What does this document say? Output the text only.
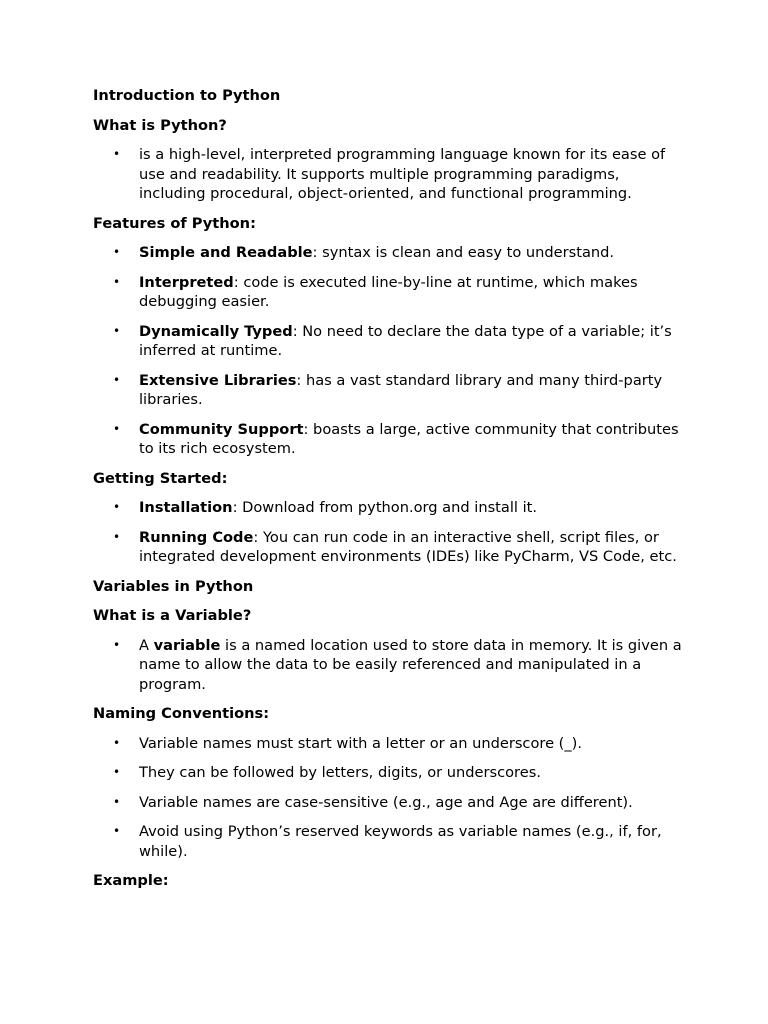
Introduction to Python
What is Python?
• is a high-level, interpreted programming language known for its ease of use and readability. It supports multiple programming paradigms, including procedural, object-oriented, and functional programming.
Features of Python:
• Simple and Readable: syntax is clean and easy to understand.
• Interpreted: code is executed line-by-line at runtime, which makes debugging easier.
• Dynamically Typed: No need to declare the data type of a variable; it’s inferred at runtime.
• Extensive Libraries: has a vast standard library and many third-party libraries.
• Community Support: boasts a large, active community that contributes to its rich ecosystem.
Getting Started:
• Installation: Download from python.org and install it.
• Running Code: You can run code in an interactive shell, script files, or integrated development environments (IDEs) like PyCharm, VS Code, etc.
Variables in Python
What is a Variable?
• A variable is a named location used to store data in memory. It is given a name to allow the data to be easily referenced and manipulated in a program.
Naming Conventions:
• Variable names must start with a letter or an underscore (_).
• They can be followed by letters, digits, or underscores.
• Variable names are case-sensitive (e.g., age and Age are different).
• Avoid using Python’s reserved keywords as variable names (e.g., if, for, while).
Example:
